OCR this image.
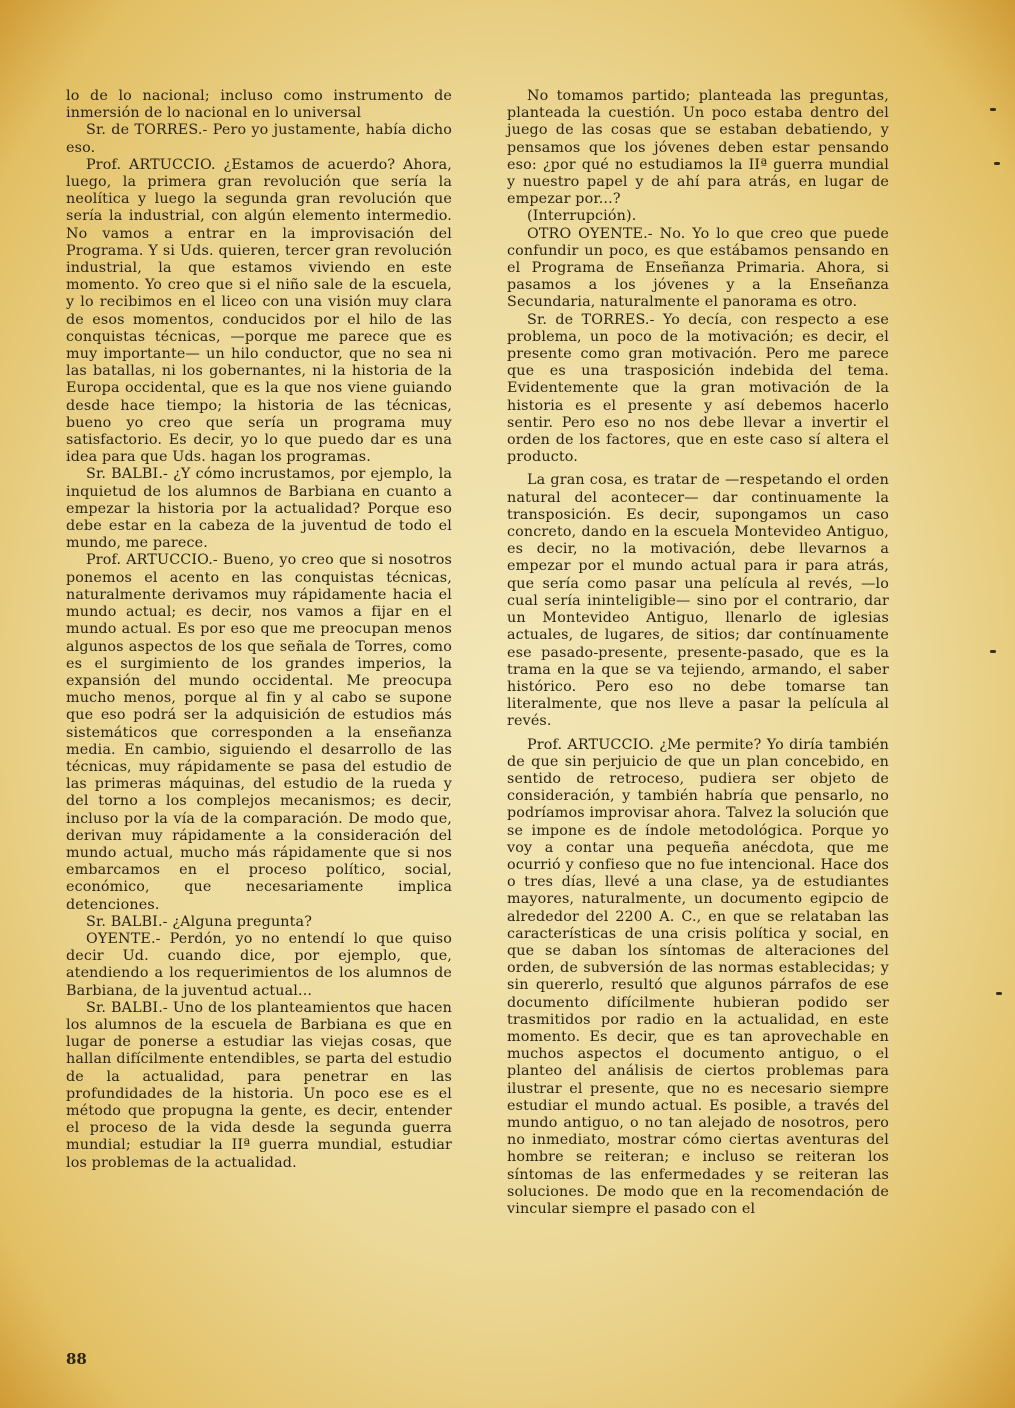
lo de lo nacional; incluso como instrumento de inmersión de lo nacional en lo universal

Sr. de TORRES.- Pero yo justamente, había dicho eso.

Prof. ARTUCCIO. ¿Estamos de acuerdo? Ahora, luego, la primera gran revolución que sería la neolítica y luego la segunda gran revolución que sería la industrial, con algún elemento intermedio. No vamos a entrar en la improvisación del Programa. Y si Uds. quieren, tercer gran revolución industrial, la que estamos viviendo en este momento. Yo creo que si el niño sale de la escuela, y lo recibimos en el liceo con una visión muy clara de esos momentos, conducidos por el hilo de las conquistas técnicas, —porque me parece que es muy importante— un hilo conductor, que no sea ni las batallas, ni los gobernantes, ni la historia de la Europa occidental, que es la que nos viene guiando desde hace tiempo; la historia de las técnicas, bueno yo creo que sería un programa muy satisfactorio. Es decir, yo lo que puedo dar es una idea para que Uds. hagan los programas.

Sr. BALBI.- ¿Y cómo incrustamos, por ejemplo, la inquietud de los alumnos de Barbiana en cuanto a empezar la historia por la actualidad? Porque eso debe estar en la cabeza de la juventud de todo el mundo, me parece.

Prof. ARTUCCIO.- Bueno, yo creo que si nosotros ponemos el acento en las conquistas técnicas, naturalmente derivamos muy rápidamente hacia el mundo actual; es decir, nos vamos a fijar en el mundo actual. Es por eso que me preocupan menos algunos aspectos de los que señala de Torres, como es el surgimiento de los grandes imperios, la expansión del mundo occidental. Me preocupa mucho menos, porque al fin y al cabo se supone que eso podrá ser la adquisición de estudios más sistemáticos que corresponden a la enseñanza media. En cambio, siguiendo el desarrollo de las técnicas, muy rápidamente se pasa del estudio de las primeras máquinas, del estudio de la rueda y del torno a los complejos mecanismos; es decir, incluso por la vía de la comparación. De modo que, derivan muy rápidamente a la consideración del mundo actual, mucho más rápidamente que si nos embarcamos en el proceso político, social, económico, que necesariamente implica detenciones.

Sr. BALBI.- ¿Alguna pregunta?

OYENTE.- Perdón, yo no entendí lo que quiso decir Ud. cuando dice, por ejemplo, que, atendiendo a los requerimientos de los alumnos de Barbiana, de la juventud actual...

Sr. BALBI.- Uno de los planteamientos que hacen los alumnos de la escuela de Barbiana es que en lugar de ponerse a estudiar las viejas cosas, que hallan difícilmente entendibles, se parta del estudio de la actualidad, para penetrar en las profundidades de la historia. Un poco ese es el método que propugna la gente, es decir, entender el proceso de la vida desde la segunda guerra mundial; estudiar la IIª guerra mundial, estudiar los problemas de la actualidad.

No tomamos partido; planteada las preguntas, planteada la cuestión. Un poco estaba dentro del juego de las cosas que se estaban debatiendo, y pensamos que los jóvenes deben estar pensando eso: ¿por qué no estudiamos la IIª guerra mundial y nuestro papel y de ahí para atrás, en lugar de empezar por...?

(Interrupción).

OTRO OYENTE.- No. Yo lo que creo que puede confundir un poco, es que estábamos pensando en el Programa de Enseñanza Primaria. Ahora, si pasamos a los jóvenes y a la Enseñanza Secundaria, naturalmente el panorama es otro.

Sr. de TORRES.- Yo decía, con respecto a ese problema, un poco de la motivación; es decir, el presente como gran motivación. Pero me parece que es una trasposición indebida del tema. Evidentemente que la gran motivación de la historia es el presente y así debemos hacerlo sentir. Pero eso no nos debe llevar a invertir el orden de los factores, que en este caso sí altera el producto.

La gran cosa, es tratar de —respetando el orden natural del acontecer— dar continuamente la transposición. Es decir, supongamos un caso concreto, dando en la escuela Montevideo Antiguo, es decir, no la motivación, debe llevarnos a empezar por el mundo actual para ir para atrás, que sería como pasar una película al revés, —lo cual sería ininteligible— sino por el contrario, dar un Montevideo Antiguo, llenarlo de iglesias actuales, de lugares, de sitios; dar contínuamente ese pasado-presente, presente-pasado, que es la trama en la que se va tejiendo, armando, el saber histórico. Pero eso no debe tomarse tan literalmente, que nos lleve a pasar la película al revés.

Prof. ARTUCCIO. ¿Me permite? Yo diría también de que sin perjuicio de que un plan concebido, en sentido de retroceso, pudiera ser objeto de consideración, y también habría que pensarlo, no podríamos improvisar ahora. Talvez la solución que se impone es de índole metodológica. Porque yo voy a contar una pequeña anécdota, que me ocurrió y confieso que no fue intencional. Hace dos o tres días, llevé a una clase, ya de estudiantes mayores, naturalmente, un documento egipcio de alrededor del 2200 A. C., en que se relataban las características de una crisis política y social, en que se daban los síntomas de alteraciones del orden, de subversión de las normas establecidas; y sin quererlo, resultó que algunos párrafos de ese documento difícilmente hubieran podido ser trasmitidos por radio en la actualidad, en este momento. Es decir, que es tan aprovechable en muchos aspectos el documento antiguo, o el planteo del análisis de ciertos problemas para ilustrar el presente, que no es necesario siempre estudiar el mundo actual. Es posible, a través del mundo antiguo, o no tan alejado de nosotros, pero no inmediato, mostrar cómo ciertas aventuras del hombre se reiteran; e incluso se reiteran los síntomas de las enfermedades y se reiteran las soluciones. De modo que en la recomendación de vincular siempre el pasado con el

88
